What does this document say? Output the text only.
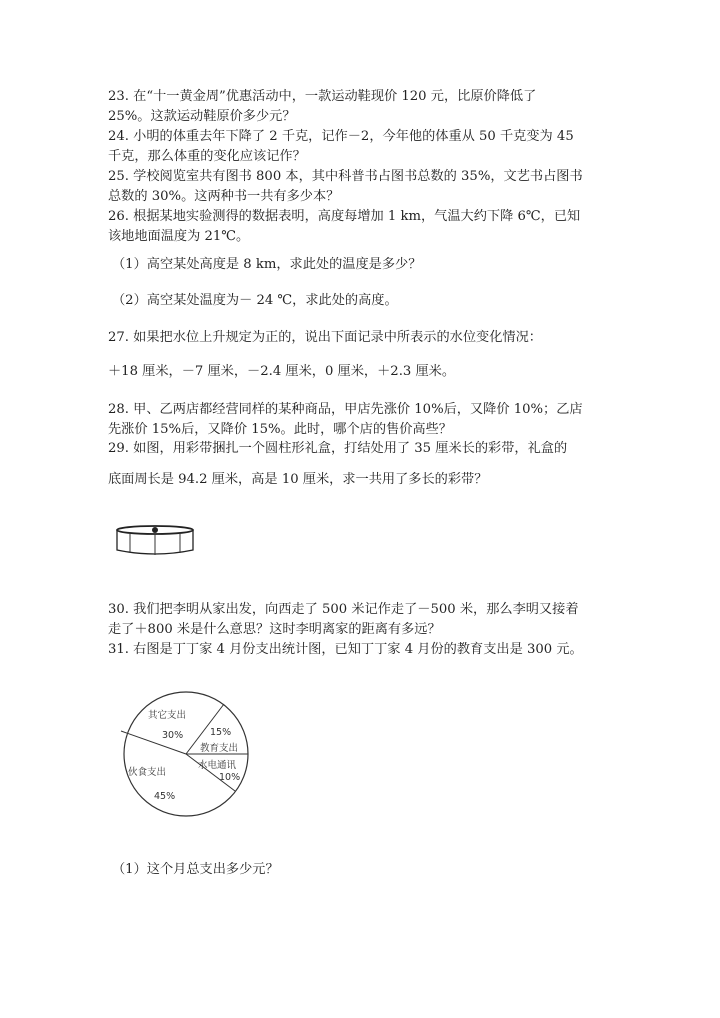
23. 在“十一黄金周”优惠活动中，一款运动鞋现价 120 元，比原价降低了
25%。这款运动鞋原价多少元？
24. 小明的体重去年下降了 2 千克，记作－2，今年他的体重从 50 千克变为 45
千克，那么体重的变化应该记作？
25. 学校阅览室共有图书 800 本，其中科普书占图书总数的 35%，文艺书占图书
总数的 30%。这两种书一共有多少本？
26. 根据某地实验测得的数据表明，高度每增加 1 km，气温大约下降 6℃，已知
该地地面温度为 21℃。
（1）高空某处高度是 8 km，求此处的温度是多少？
（2）高空某处温度为－ 24 ℃，求此处的高度。
27. 如果把水位上升规定为正的，说出下面记录中所表示的水位变化情况：
＋18 厘米，－7 厘米，－2.4 厘米，0 厘米，＋2.3 厘米。
28. 甲、乙两店都经营同样的某种商品，甲店先涨价 10%后，又降价 10%；乙店
先涨价 15%后，又降价 15%。此时，哪个店的售价高些？
29. 如图，用彩带捆扎一个圆柱形礼盒，打结处用了 35 厘米长的彩带，礼盒的
底面周长是 94.2 厘米，高是 10 厘米，求一共用了多长的彩带？
30. 我们把李明从家出发，向西走了 500 米记作走了－500 米，那么李明又接着
走了＋800 米是什么意思？这时李明离家的距离有多远？
31. 右图是丁丁家 4 月份支出统计图，已知丁丁家 4 月份的教育支出是 300 元。
其它支出
30%	15%
教育支出
水电通讯
10%
伙食支出
45%
（1）这个月总支出多少元？
